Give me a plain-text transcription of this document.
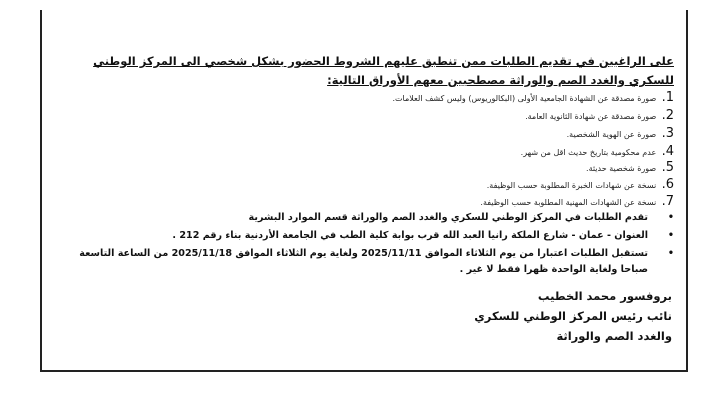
على الراغبين في تقديم الطلبات ممن تنطبق عليهم الشروط الحضور بشكل شخصي الى المركز الوطني للسكري والغدد الصم والوراثة مصطحبين معهم الأوراق التالية:
1. صورة مصدقة عن الشهادة الجامعية الأولى (البكالوريوس) وليس كشف العلامات.
2. صورة مصدقة عن شهادة الثانوية العامة.
3. صورة عن الهوية الشخصية.
4. عدم محكومية بتاريخ حديث اقل من شهر.
5. صورة شخصية حديثة.
6. نسخة عن شهادات الخبرة المطلوبة حسب الوظيفة.
7. نسخة عن الشهادات المهنية المطلوبة حسب الوظيفة.
•
تقدم الطلبات في المركز الوطني للسكري والغدد الصم والوراثة قسم الموارد البشرية
•
العنوان - عمان - شارع الملكة رانيا العبد الله قرب بوابة كلية الطب في الجامعة الأردنية بناء رقم 212 .
•
تستقبل الطلبات اعتبارا من يوم الثلاثاء الموافق 2025/11/11 ولغاية يوم الثلاثاء الموافق 2025/11/18 من الساعة التاسعة صباحا ولغاية الواحدة ظهرا فقط لا غير .
بروفسور محمد الخطيب
نائب رئيس المركز الوطني للسكري
والغدد الصم والوراثة
